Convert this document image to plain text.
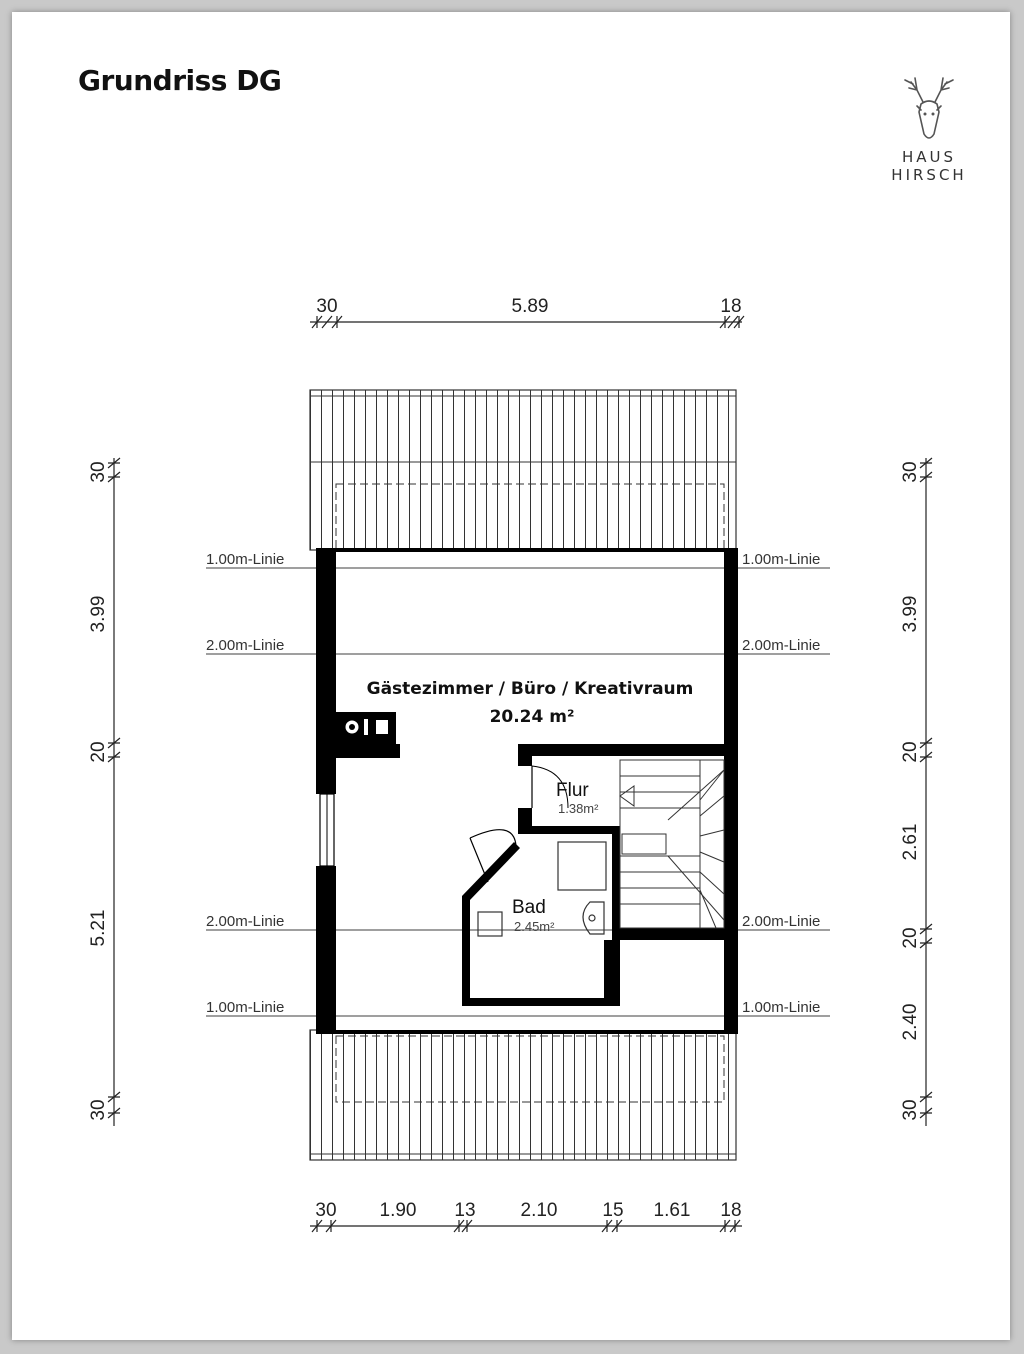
Grundriss DG
HAUS
HIRSCH
1.00m-Linie	1.00m-Linie
2.00m-Linie	2.00m-Linie
2.00m-Linie	2.00m-Linie
1.00m-Linie	1.00m-Linie
Gästezimmer / Büro / Kreativraum
20.24 m²
Flur
1.38m²
Bad
2.45m²
30	5.89	18
30 1.90 13 2.10 15 1.61 18
30
3.99
20
5.21
30
30
3.99
20
2.61
20
2.40
30
